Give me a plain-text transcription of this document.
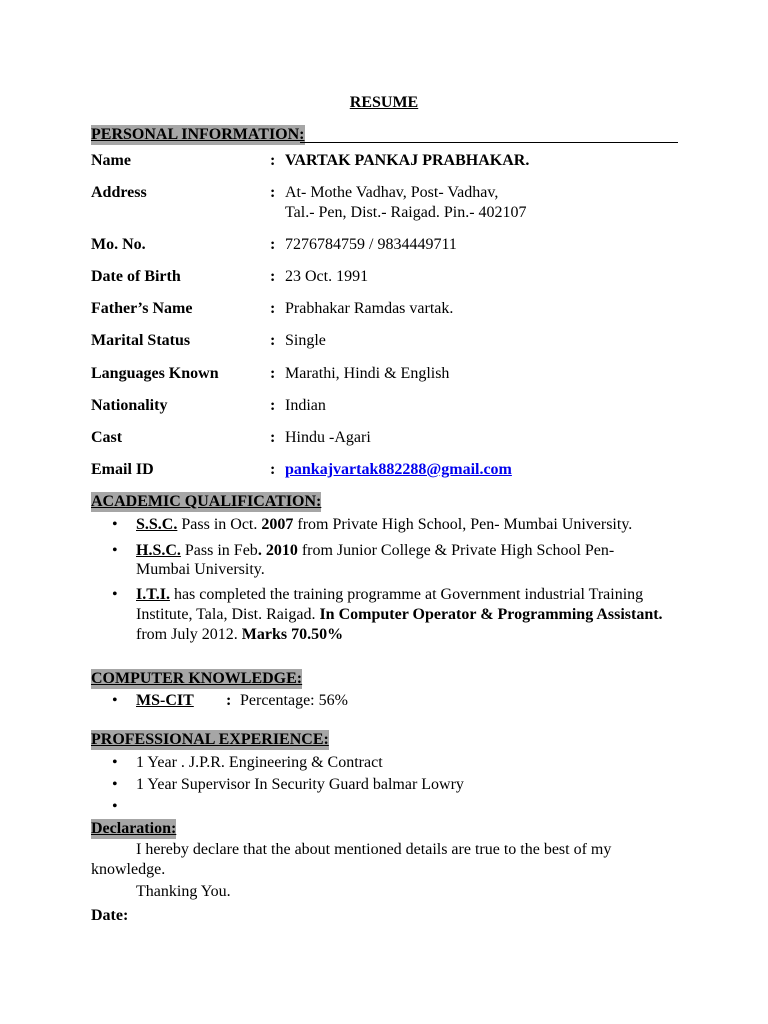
RESUME
PERSONAL INFORMATION:
Name	: VARTAK PANKAJ PRABHAKAR.
Address	: At- Mothe Vadhav, Post- Vadhav,
Tal.- Pen, Dist.- Raigad. Pin.- 402107
Mo. No.	: 7276784759 / 9834449711
Date of Birth	: 23 Oct. 1991
Father’s Name	: Prabhakar Ramdas vartak.
Marital Status	: Single
Languages Known	: Marathi, Hindi & English
Nationality	: Indian
Cast	: Hindu -Agari
Email ID	: pankajvartak882288@gmail.com
ACADEMIC QUALIFICATION:
• S.S.C. Pass in Oct. 2007 from Private High School, Pen- Mumbai University.
• H.S.C. Pass in Feb. 2010 from Junior College & Private High School Pen-
Mumbai University.
• I.T.I. has completed the training programme at Government industrial Training
Institute, Tala, Dist. Raigad. In Computer Operator & Programming Assistant.
from July 2012. Marks 70.50%
COMPUTER KNOWLEDGE:
• MS-CIT : Percentage: 56%
PROFESSIONAL EXPERIENCE:
• 1 Year . J.P.R. Engineering & Contract
• 1 Year Supervisor In Security Guard balmar Lowry
•
Declaration:
I hereby declare that the about mentioned details are true to the best of my
knowledge.
Thanking You.
Date:
